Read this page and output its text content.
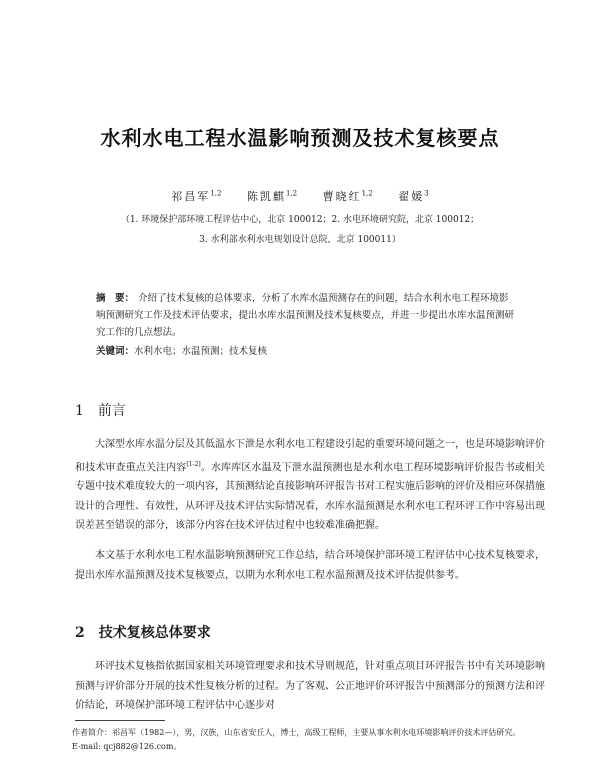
水利水电工程水温影响预测及技术复核要点
祁昌军$^{1,2}$ 陈凯麒$^{1,2}$ 曹晓红$^{1,2}$ 翟媛$^3$
（1. 环境保护部环境工程评估中心，北京 100012；2. 水电环境研究院，北京 100012；
3. 水利部水利水电规划设计总院，北京 100011）
摘　要： 介绍了技术复核的总体要求，分析了水库水温预测存在的问题，结合水利水电工程环境影响预测研究工作及技术评估要求，提出水库水温预测及技术复核要点，并进一步提出水库水温预测研究工作的几点想法。
关键词：水利水电；水温预测；技术复核
1 前言
大深型水库水温分层及其低温水下泄是水利水电工程建设引起的重要环境问题之一，也是环境影响评价和技术审查重点关注内容[1-2]。水库库区水温及下泄水温预测也是水利水电工程环境影响评价报告书或相关专题中技术难度较大的一项内容，其预测结论直接影响环评报告书对工程实施后影响的评价及相应环保措施设计的合理性、有效性，从环评及技术评估实际情况看，水库水温预测是水利水电工程环评工作中容易出现误差甚至错误的部分，该部分内容在技术评估过程中也较难准确把握。
本文基于水利水电工程水温影响预测研究工作总结，结合环境保护部环境工程评估中心技术复核要求，提出水库水温预测及技术复核要点，以期为水利水电工程水温预测及技术评估提供参考。
2 技术复核总体要求
环评技术复核指依据国家相关环境管理要求和技术导则规范，针对重点项目环评报告书中有关环境影响预测与评价部分开展的技术性复核分析的过程。为了客观、公正地评价环评报告中预测部分的预测方法和评价结论，环境保护部环境工程评估中心逐步对
作者简介：祁昌军（1982—），男，汉族，山东省安丘人，博士，高级工程师，主要从事水利水电环境影响评价技术评估研究。
E-mail: qcj882@126.com。
